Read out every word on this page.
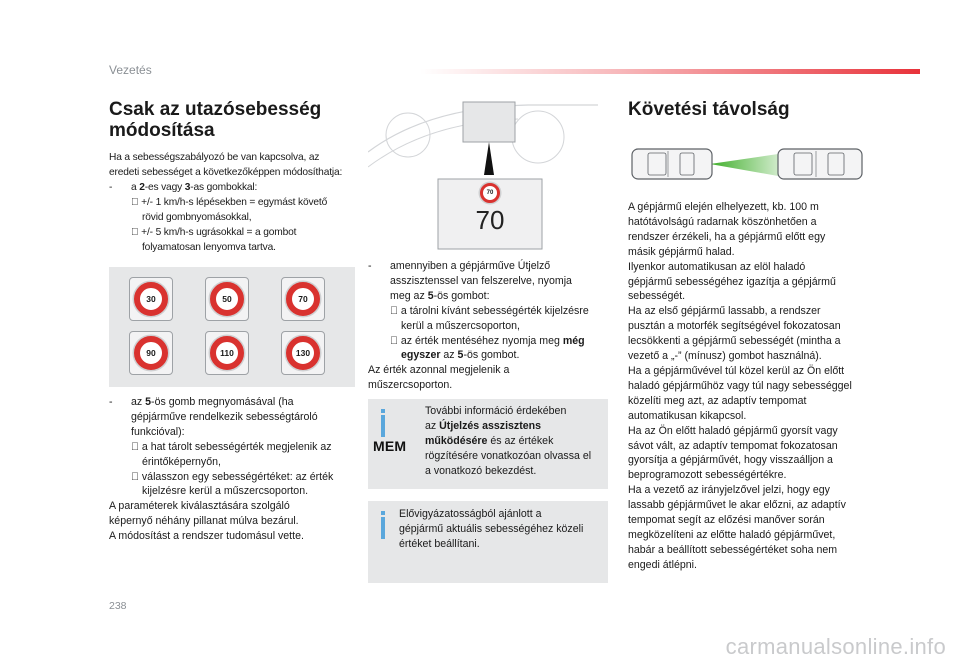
Vezetés
Csak az utazósebesség módosítása
Ha a sebességszabályozó be van kapcsolva, az
eredeti sebességet a következőképpen módosíthatja:
- a 2-es vagy 3-as gombokkal:
+/- 1 km/h-s lépésekben = egymást követő
rövid gombnyomásokkal,
+/- 5 km/h-s ugrásokkal = a gombot
folyamatosan lenyomva tartva.
30	50	70
90	110	130
- az 5-ös gomb megnyomásával (ha
gépjárműve rendelkezik sebességtároló
funkcióval):
a hat tárolt sebességérték megjelenik az
érintőképernyőn,
válasszon egy sebességértéket: az érték
kijelzésre kerül a műszercsoporton.
A paraméterek kiválasztására szolgáló
képernyő néhány pillanat múlva bezárul.
A módosítást a rendszer tudomásul vette.
70
70
- amennyiben a gépjárműve Útjelző
asszisztenssel van felszerelve, nyomja
meg az 5-ös gombot:
a tárolni kívánt sebességérték kijelzésre
kerül a műszercsoporton,
az érték mentéséhez nyomja meg még
egyszer az 5-ös gombot.
Az érték azonnal megjelenik a
műszercsoporton.
MEM
További információ érdekében
az Útjelzés asszisztens
működésére és az értékek
rögzítésére vonatkozóan olvassa el
a vonatkozó bekezdést.
Elővigyázatosságból ajánlott a
gépjármű aktuális sebességéhez közeli
értéket beállítani.
Követési távolság
A gépjármű elején elhelyezett, kb. 100 m
hatótávolságú radarnak köszönhetően a
rendszer érzékeli, ha a gépjármű előtt egy
másik gépjármű halad.
Ilyenkor automatikusan az elöl haladó
gépjármű sebességéhez igazítja a gépjármű
sebességét.
Ha az első gépjármű lassabb, a rendszer
pusztán a motorfék segítségével fokozatosan
lecsökkenti a gépjármű sebességét (mintha a
vezető a „-” (mínusz) gombot használná).
Ha a gépjárművével túl közel kerül az Ön előtt
haladó gépjárműhöz vagy túl nagy sebességgel
közelíti meg azt, az adaptív tempomat
automatikusan kikapcsol.
Ha az Ön előtt haladó gépjármű gyorsít vagy
sávot vált, az adaptív tempomat fokozatosan
gyorsítja a gépjárművét, hogy visszaálljon a
beprogramozott sebességértékre.
Ha a vezető az irányjelzővel jelzi, hogy egy
lassabb gépjárművet le akar előzni, az adaptív
tempomat segít az előzési manőver során
megközelíteni az előtte haladó gépjárművet,
habár a beállított sebességértéket soha nem
engedi átlépni.
238
carmanualsonline.info
